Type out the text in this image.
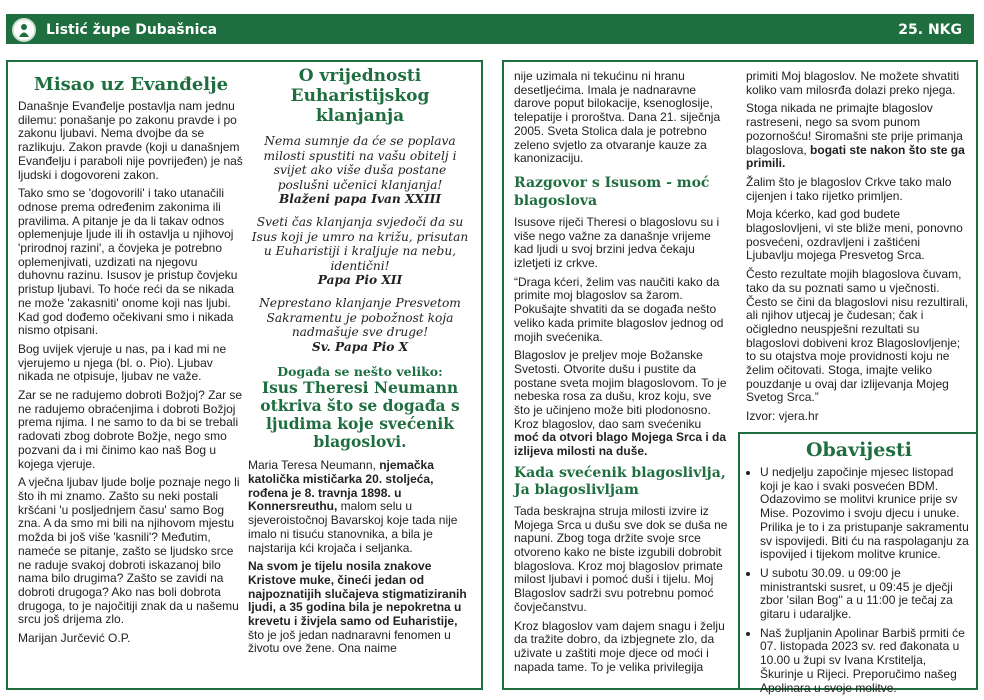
Listić župe Dubašnica	25. NKG
Misao uz Evanđelje

Današnje Evanđelje postavlja nam jednu dilemu: ponašanje po zakonu pravde i po zakonu ljubavi. Nema dvojbe da se razlikuju. Zakon pravde (koji u današnjem Evanđelju i paraboli nije povrijeđen) je naš ljudski i dogovoreni zakon.

Tako smo se 'dogovorili' i tako utanačili odnose prema određenim zakonima ili pravilima. A pitanje je da li takav odnos oplemenjuje ljude ili ih ostavlja u njihovoj 'prirodnoj razini', a čovjeka je potrebno oplemenjivati, uzdizati na njegovu duhovnu razinu. Isusov je pristup čovjeku pristup ljubavi. To hoće reći da se nikada ne može 'zakasniti' onome koji nas ljubi. Kad god dođemo očekivani smo i nikada nismo otpisani.

Bog uvijek vjeruje u nas, pa i kad mi ne vjerujemo u njega (bl. o. Pio). Ljubav nikada ne otpisuje, ljubav ne važe.

Zar se ne radujemo dobroti Božjoj? Zar se ne radujemo obraćenjima i dobroti Božjoj prema njima. I ne samo to da bi se trebali radovati zbog dobrote Božje, nego smo pozvani da i mi činimo kao naš Bog u kojega vjeruje.

A vječna ljubav ljude bolje poznaje nego li što ih mi znamo. Zašto su neki postali kršćani 'u posljednjem času' samo Bog zna. A da smo mi bili na njihovom mjestu možda bi još više 'kasnili'? Međutim, nameće se pitanje, zašto se ljudsko srce ne raduje svakoj dobroti iskazanoj bilo nama bilo drugima? Zašto se zavidi na dobroti drugoga? Ako nas boli dobrota drugoga, to je najočitiji znak da u našemu srcu još drijema zlo.

Marijan Jurčević O.P.

O vrijednosti Euharistijskog klanjanja
Nema sumnje da će se poplava milosti spustiti na vašu obitelj i svijet ako više duša postane poslušni učenici klanjanja!
Blaženi papa Ivan XXIII
Sveti čas klanjanja svjedoči da su Isus koji je umro na križu, prisutan u Euharistiji i kraljuje na nebu, identični!
Papa Pio XII
Neprestano klanjanje Presvetom Sakramentu je pobožnost koja nadmašuje sve druge!
Sv. Papa Pio X
Događa se nešto veliko:
Isus Theresi Neumann otkriva što se događa s ljudima koje svećenik blagoslovi.

Maria Teresa Neumann, njemačka katolička mističarka 20. stoljeća, rođena je 8. travnja 1898. u Konnersreuthu, malom selu u sjeveroistočnoj Bavarskoj koje tada nije imalo ni tisuću stanovnika, a bila je najstarija kći krojača i seljanka.

Na svom je tijelu nosila znakove Kristove muke, čineći jedan od najpoznatijih slučajeva stigmatiziranih ljudi, a 35 godina bila je nepokretna u krevetu i živjela samo od Euharistije, što je još jedan nadnaravni fenomen u životu ove žene. Ona naime

nije uzimala ni tekućinu ni hranu desetljećima. Imala je nadnaravne darove poput bilokacije, ksenoglosije, telepatije i proroštva. Dana 21. siječnja 2005. Sveta Stolica dala je potrebno zeleno svjetlo za otvaranje kauze za kanonizaciju.

Razgovor s Isusom - moć blagoslova

Isusove riječi Theresi o blagoslovu su i više nego važne za današnje vrijeme kad ljudi u svoj brzini jedva čekaju izletjeti iz crkve.

“Draga kćeri, želim vas naučiti kako da primite moj blagoslov sa žarom. Pokušajte shvatiti da se događa nešto veliko kada primite blagoslov jednog od mojih svećenika.

Blagoslov je preljev moje Božanske Svetosti. Otvorite dušu i pustite da postane sveta mojim blagoslovom. To je nebeska rosa za dušu, kroz koju, sve što je učinjeno može biti plodonosno. Kroz blagoslov, dao sam svećeniku moć da otvori blago Mojega Srca i da izlijeva milosti na duše.

Kada svećenik blagoslivlja, Ja blagoslivljam

Tada beskrajna struja milosti izvire iz Mojega Srca u dušu sve dok se duša ne napuni. Zbog toga držite svoje srce otvoreno kako ne biste izgubili dobrobit blagoslova. Kroz moj blagoslov primate milost ljubavi i pomoć duši i tijelu. Moj Blagoslov sadrži svu potrebnu pomoć čovječanstvu.

Kroz blagoslov vam dajem snagu i želju da tražite dobro, da izbjegnete zlo, da uživate u zaštiti moje djece od moći i napada tame. To je velika privilegija

primiti Moj blagoslov. Ne možete shvatiti koliko vam milosrđa dolazi preko njega.

Stoga nikada ne primajte blagoslov rastreseni, nego sa svom punom pozornošću! Siromašni ste prije primanja blagoslova, bogati ste nakon što ste ga primili.

Žalim što je blagoslov Crkve tako malo cijenjen i tako rijetko primljen.

Moja kćerko, kad god budete blagoslovljeni, vi ste bliže meni, ponovno posvećeni, ozdravljeni i zaštićeni Ljubavlju mojega Presvetog Srca.

Često rezultate mojih blagoslova čuvam, tako da su poznati samo u vječnosti. Često se čini da blagoslovi nisu rezultirali, ali njihov utjecaj je čudesan; čak i očigledno neuspješni rezultati su blagoslovi dobiveni kroz Blagoslovljenje; to su otajstva moje providnosti koju ne želim očitovati. Stoga, imajte veliko pouzdanje u ovaj dar izlijevanja Mojeg Svetog Srca.”

Izvor: vjera.hr

Obavijesti
• U nedjelju započinje mjesec listopad koji je kao i svaki posvećen BDM. Odazovimo se molitvi krunice prije sv Mise. Pozovimo i svoju djecu i unuke. Prilika je to i za pristupanje sakramentu sv ispovijedi. Biti ću na raspolaganju za ispovijed i tijekom molitve krunice.
• U subotu 30.09. u 09:00 je ministrantski susret, u 09:45 je dječji zbor 'silan Bog'' a u 11:00 je tečaj za gitaru i udaraljke.
• Naš župljanin Apolinar Barbiš prmiti će 07. listopada 2023 sv. red đakonata u 10.00 u župi sv Ivana Krstitelja, Škurinje u Rijeci. Preporučimo našeg Apolinara u svoje molitve.
